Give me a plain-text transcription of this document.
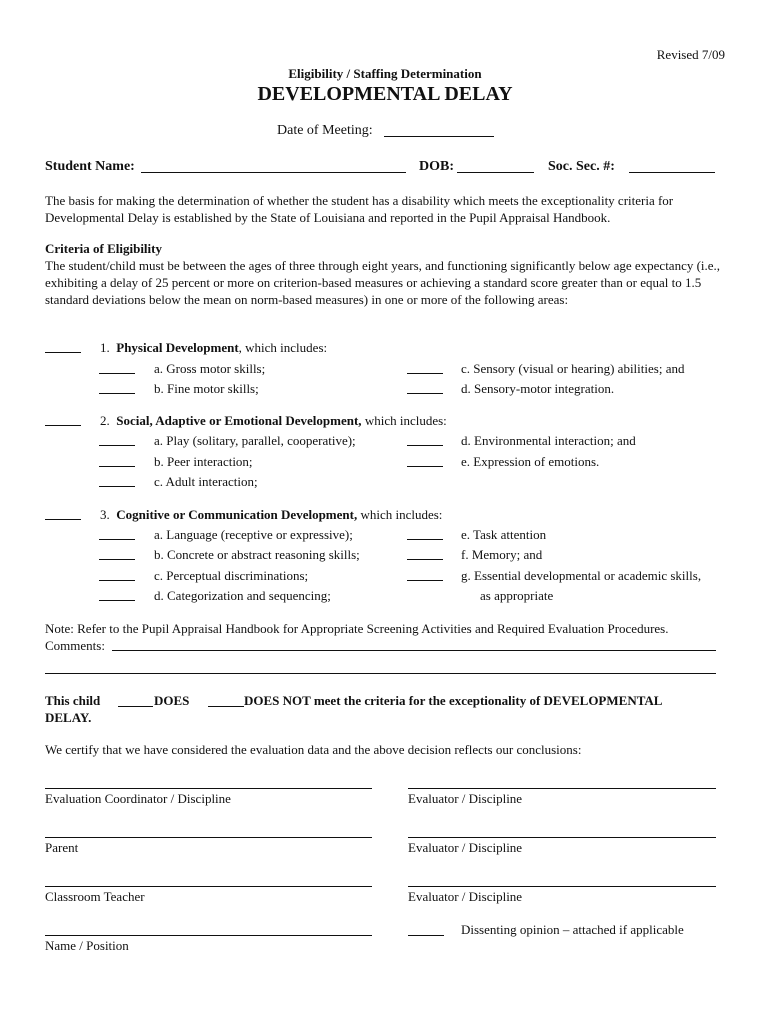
Revised 7/09
Eligibility / Staffing Determination
DEVELOPMENTAL DELAY
Date of Meeting:
Student Name:	DOB:	Soc. Sec. #:
The basis for making the determination of whether the student has a disability which meets the exceptionality criteria for Developmental Delay is established by the State of Louisiana and reported in the Pupil Appraisal Handbook.
Criteria of Eligibility
The student/child must be between the ages of three through eight years, and functioning significantly below age expectancy (i.e., exhibiting a delay of 25 percent or more on criterion-based measures or achieving a standard score greater than or equal to 1.5 standard deviations below the mean on norm-based measures) in one or more of the following areas:
1. Physical Development, which includes:
a. Gross motor skills;
b. Fine motor skills;
c. Sensory (visual or hearing) abilities; and
d. Sensory-motor integration.
2. Social, Adaptive or Emotional Development, which includes:
a. Play (solitary, parallel, cooperative);
b. Peer interaction;
c. Adult interaction;
d. Environmental interaction; and
e. Expression of emotions.
3. Cognitive or Communication Development, which includes:
a. Language (receptive or expressive);
b. Concrete or abstract reasoning skills;
c. Perceptual discriminations;
d. Categorization and sequencing;
e. Task attention
f. Memory; and
g. Essential developmental or academic skills,
as appropriate
Note: Refer to the Pupil Appraisal Handbook for Appropriate Screening Activities and Required Evaluation Procedures.
Comments:
This child	DOES	DOES NOT meet the criteria for the exceptionality of DEVELOPMENTAL
DELAY.
We certify that we have considered the evaluation data and the above decision reflects our conclusions:
Evaluation Coordinator / Discipline
Parent
Classroom Teacher
Name / Position
Evaluator / Discipline
Evaluator / Discipline
Evaluator / Discipline
Dissenting opinion – attached if applicable
